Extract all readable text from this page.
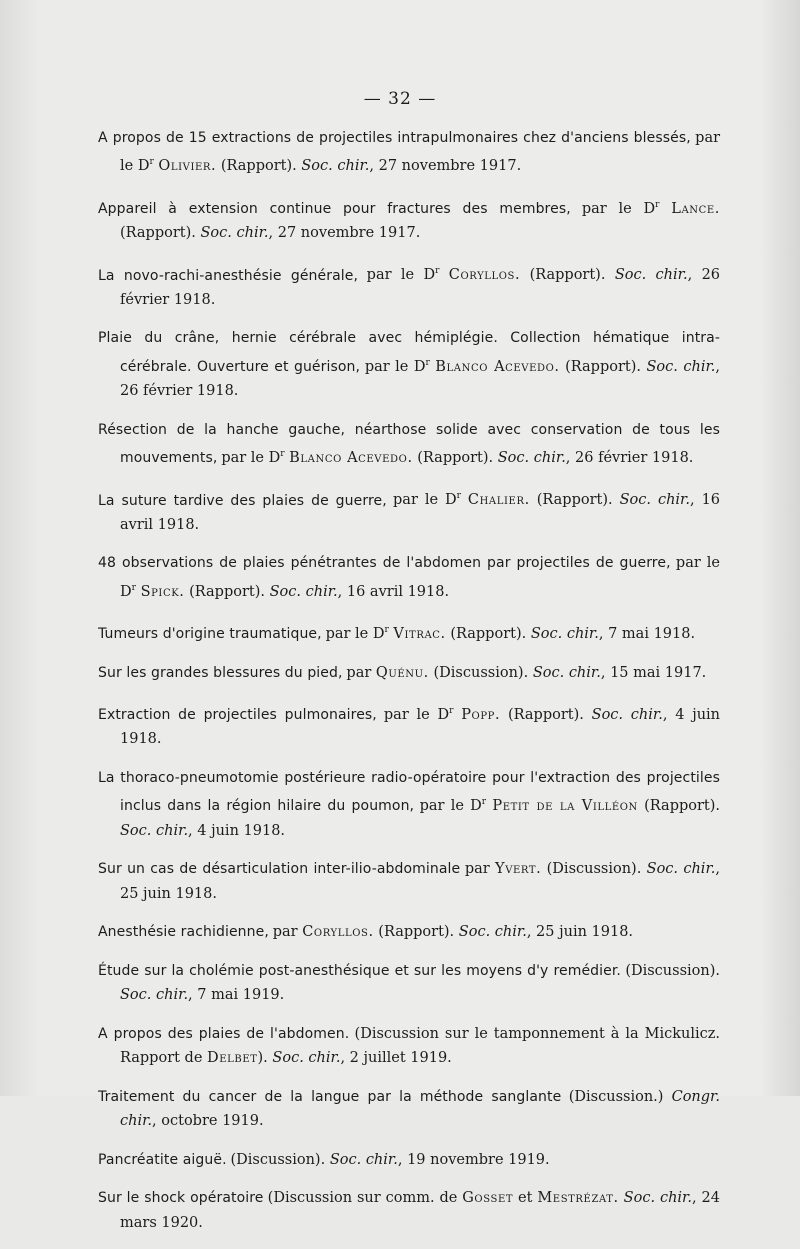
— 32 —

A propos de 15 extractions de projectiles intrapulmonaires chez d'anciens blessés, par le $D^r$ Olivier. (Rapport). Soc. chir., 27 novembre 1917.

Appareil à extension continue pour fractures des membres, par le $D^r$ Lance. (Rapport). Soc. chir., 27 novembre 1917.

La novo-rachi-anesthésie générale, par le $D^r$ Coryllos. (Rapport). Soc. chir., 26 février 1918.

Plaie du crâne, hernie cérébrale avec hémiplégie. Collection hématique intra-cérébrale. Ouverture et guérison, par le $D^r$ Blanco Acevedo. (Rapport). Soc. chir., 26 février 1918.

Résection de la hanche gauche, néarthose solide avec conservation de tous les mouvements, par le $D^r$ Blanco Acevedo. (Rapport). Soc. chir., 26 février 1918.

La suture tardive des plaies de guerre, par le $D^r$ Chalier. (Rapport). Soc. chir., 16 avril 1918.

48 observations de plaies pénétrantes de l'abdomen par projectiles de guerre, par le $D^r$ Spick. (Rapport). Soc. chir., 16 avril 1918.

Tumeurs d'origine traumatique, par le $D^r$ Vitrac. (Rapport). Soc. chir., 7 mai 1918.

Sur les grandes blessures du pied, par Quénu. (Discussion). Soc. chir., 15 mai 1917.

Extraction de projectiles pulmonaires, par le $D^r$ Popp. (Rapport). Soc. chir., 4 juin 1918.

La thoraco-pneumotomie postérieure radio-opératoire pour l'extraction des projectiles inclus dans la région hilaire du poumon, par le $D^r$ Petit de la Villéon (Rapport). Soc. chir., 4 juin 1918.

Sur un cas de désarticulation inter-ilio-abdominale par Yvert. (Discussion). Soc. chir., 25 juin 1918.

Anesthésie rachidienne, par Coryllos. (Rapport). Soc. chir., 25 juin 1918.

Étude sur la cholémie post-anesthésique et sur les moyens d'y remédier. (Discussion). Soc. chir., 7 mai 1919.

A propos des plaies de l'abdomen. (Discussion sur le tamponnement à la Mickulicz. Rapport de Delbet). Soc. chir., 2 juillet 1919.

Traitement du cancer de la langue par la méthode sanglante (Discussion.) Congr. chir., octobre 1919.

Pancréatite aiguë. (Discussion). Soc. chir., 19 novembre 1919.

Sur le shock opératoire (Discussion sur comm. de Gosset et Mestrézat. Soc. chir., 24 mars 1920.
